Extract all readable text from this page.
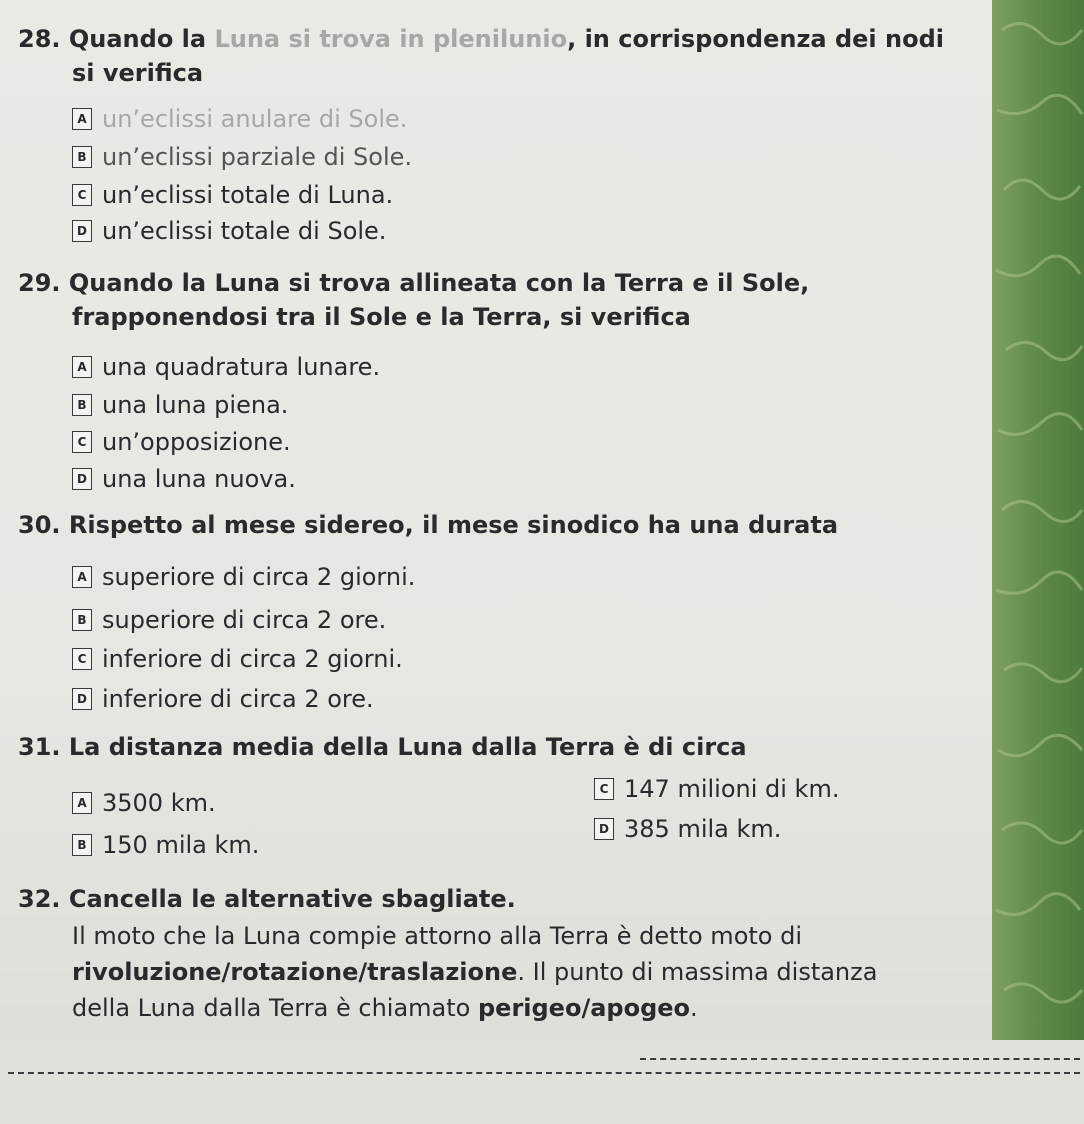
28. Quando la Luna si trova in plenilunio, in corrispondenza dei nodi
si verifica
A un’eclissi anulare di Sole.
B un’eclissi parziale di Sole.
C un’eclissi totale di Luna.
D un’eclissi totale di Sole.
29. Quando la Luna si trova allineata con la Terra e il Sole,
frapponendosi tra il Sole e la Terra, si verifica
A una quadratura lunare.
B una luna piena.
C un’opposizione.
D una luna nuova.
30. Rispetto al mese sidereo, il mese sinodico ha una durata
A superiore di circa 2 giorni.
B superiore di circa 2 ore.
C inferiore di circa 2 giorni.
D inferiore di circa 2 ore.
31. La distanza media della Luna dalla Terra è di circa
A 3500 km.
B 150 mila km.
C 147 milioni di km.
D 385 mila km.
32. Cancella le alternative sbagliate.
Il moto che la Luna compie attorno alla Terra è detto moto di
rivoluzione/rotazione/traslazione. Il punto di massima distanza
della Luna dalla Terra è chiamato perigeo/apogeo.
